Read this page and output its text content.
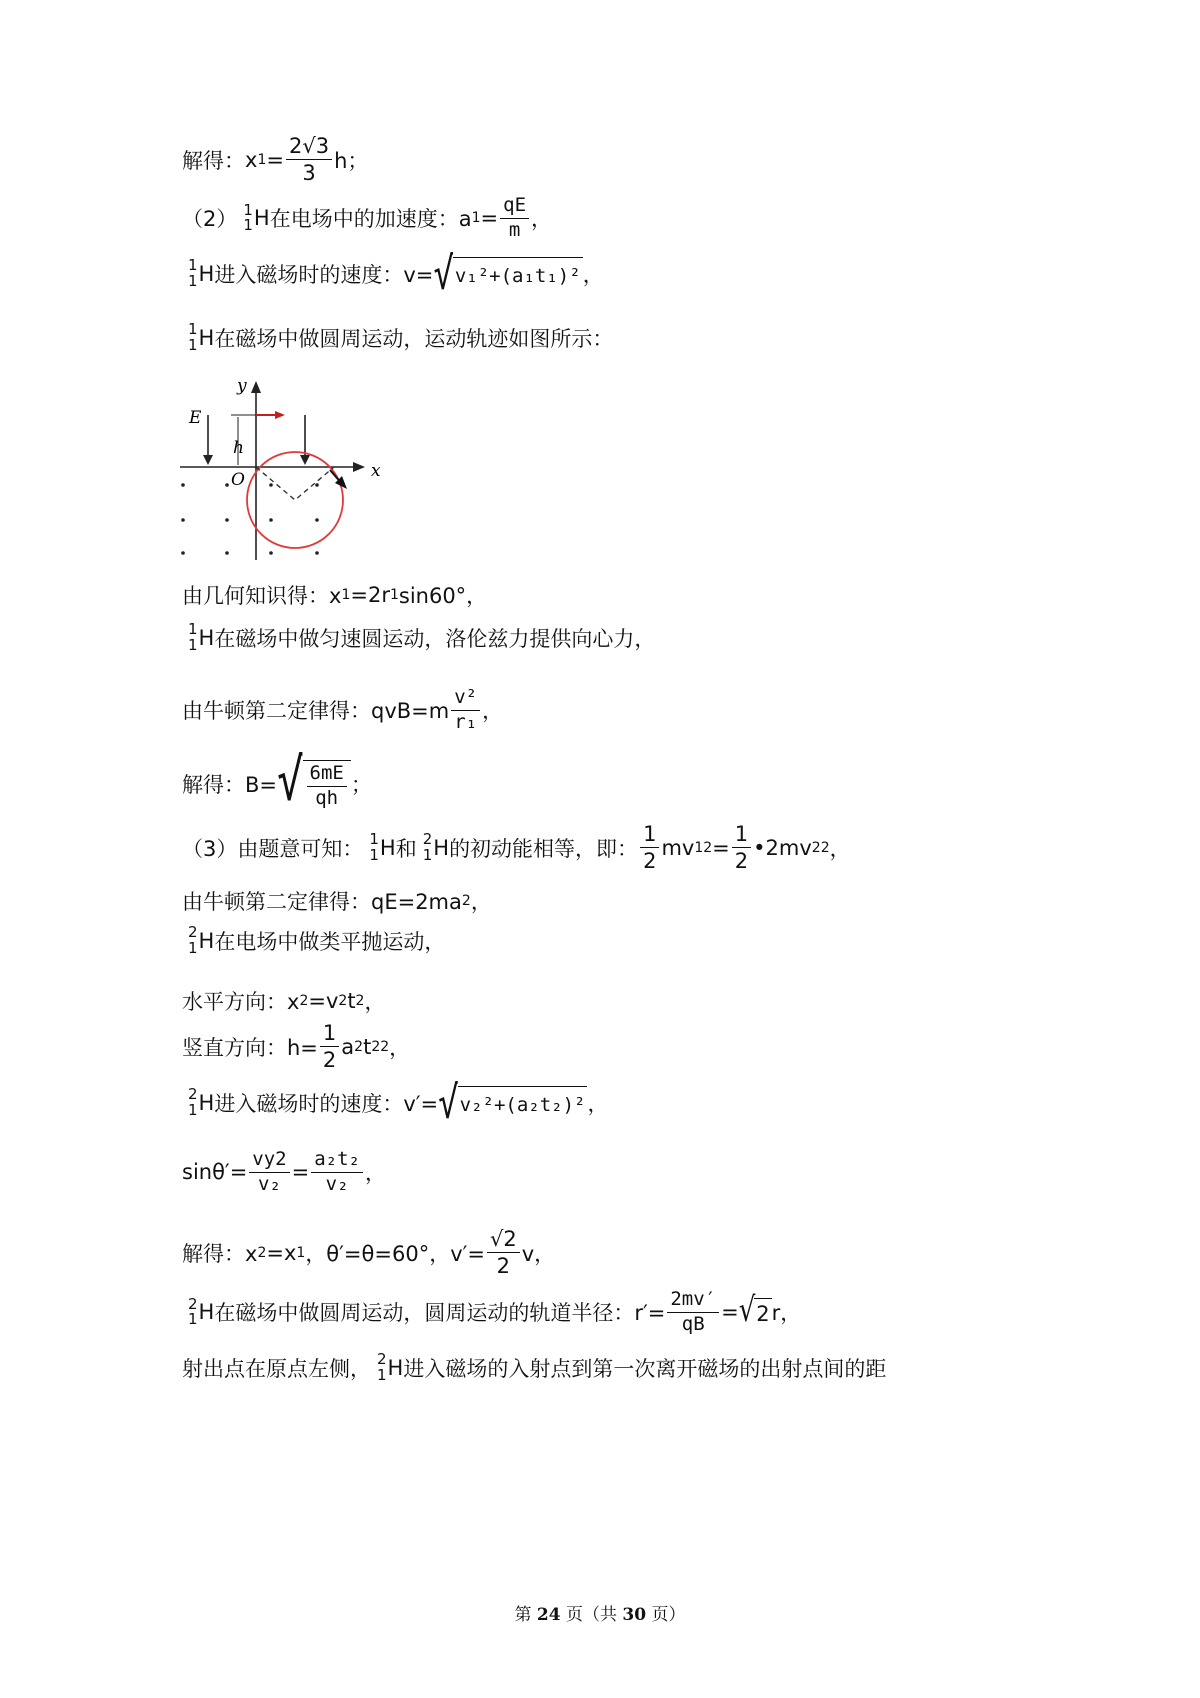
解得： x $1 = \frac{2√3}{3}$ h；
（2） 1
1 H 在电场中的加速度：a $1 = \frac{qE}{m}$ ，
1
1 H 进入磁场时的速度：v= √ v₁²+(a₁t₁)² ，
1
1 H 在磁场中做圆周运动，运动轨迹如图所示：
y
x
E
h
O
由几何知识得：x 1 =2r 1 sin60°，
1
1 H 在磁场中做匀速圆运动，洛伦兹力提供向心力，
由牛顿第二定律得：$qvB=m \frac{\text{v²}}{\text{r₁}}$ ，
解得：B= √ $\frac{6mE}{qh}$ ；
（3）由题意可知： 1
1 H 和 2
1 H 的初动能相等，即： $\frac{1}{2}$ mv 1 $2 = \frac{1}{2}$ •2mv 2 2 ，
由牛顿第二定律得：qE=2ma 2 ，
2
1 H 在电场中做类平抛运动，
水平方向：x 2 =v 2 t 2 ，
竖直方向：$h= \frac{1}{2}$ a 2 t 2 2 ，
2
1 H 进入磁场时的速度：v′= √ v₂²+(a₂t₂)² ，
$\sin\theta'= \frac{vy2}{\text{v₂}} = \frac{\text{a₂t₂}}{\text{v₂}}$ ，
解得：x 2 =x 1 ，θ′=θ=60°，$v'= \frac{√2}{2}$ v，
2
1 H 在磁场中做圆周运动，圆周运动的轨道半径：$r'= \frac{2mv'}{qB}$ = √ 2 r，
射出点在原点左侧， 2
1 H 进入磁场的入射点到第一次离开磁场的出射点间的距
第 24 页（共 30 页）
